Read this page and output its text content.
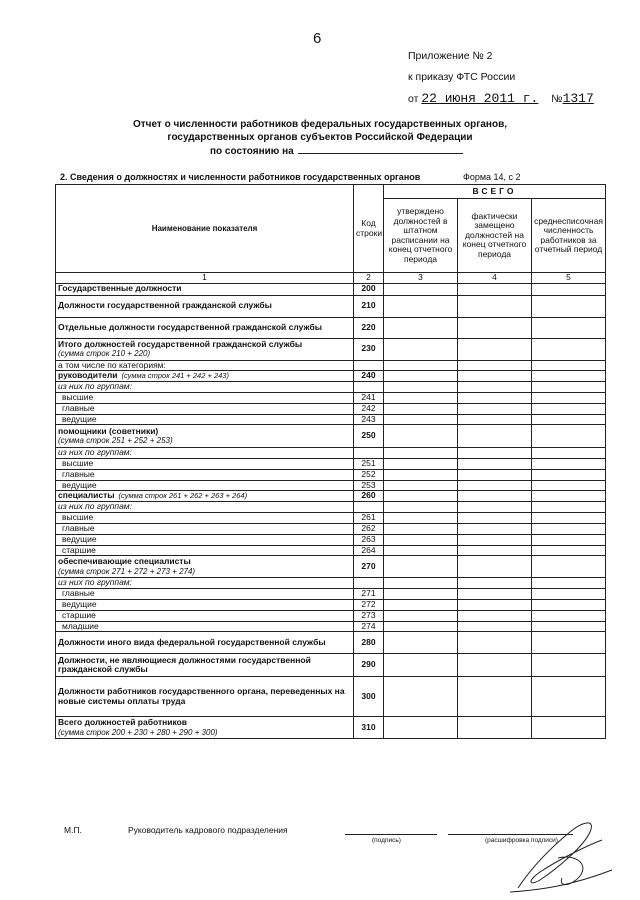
6
Приложение № 2
к приказу ФТС России
от 22 июня 2011 г. №1317
Отчет о численности работников федеральных государственных органов,
государственных органов субъектов Российской Федерации
по состоянию на
2. Сведения о должностях и численности работников государственных органов	Форма 14, с 2
Наименование показателя	Код строки	ВСЕГО		
		утверждено должностей в штатном расписании на конец отчетного периода	фактически замещено должностей на конец отчетного периода	среднесписочная численность работников за отчетный период
1	2	3	4	5
Государственные должности	200			
Должности государственной гражданской службы	210			
Отдельные должности государственной гражданской службы	220			
Итого должностей государственной гражданской службы
(сумма строк 210 + 220)	230			
а том числе по категориям:				
руководители (сумма строк 241 + 242 + 243)	240			
из них по группам:				
высшие	241			
главные	242			
ведущие	243			
помощники (советники)
(сумма строк 251 + 252 + 253)	250			
из них по группам:				
высшие	251			
главные	252			
ведущие	253			
специалисты (сумма строк 261 + 262 + 263 + 264)	260			
из них по группам:				
высшие	261			
главные	262			
ведущие	263			
старшие	264			
обеспечивающие специалисты
(сумма строк 271 + 272 + 273 + 274)	270			
из них по группам:				
главные	271			
ведущие	272			
старшие	273			
младшие	274			
Должности иного вида федеральной государственной службы	280			
Должности, не являющиеся должностями государственной гражданской службы	290			
Должности работников государственного органа, переведенных на новые системы оплаты труда	300			
Всего должностей работников
(сумма строк 200 + 230 + 280 + 290 + 300)	310			
М.П.	Руководитель кадрового подразделения
(подпись)	(расшифровка подписи)
